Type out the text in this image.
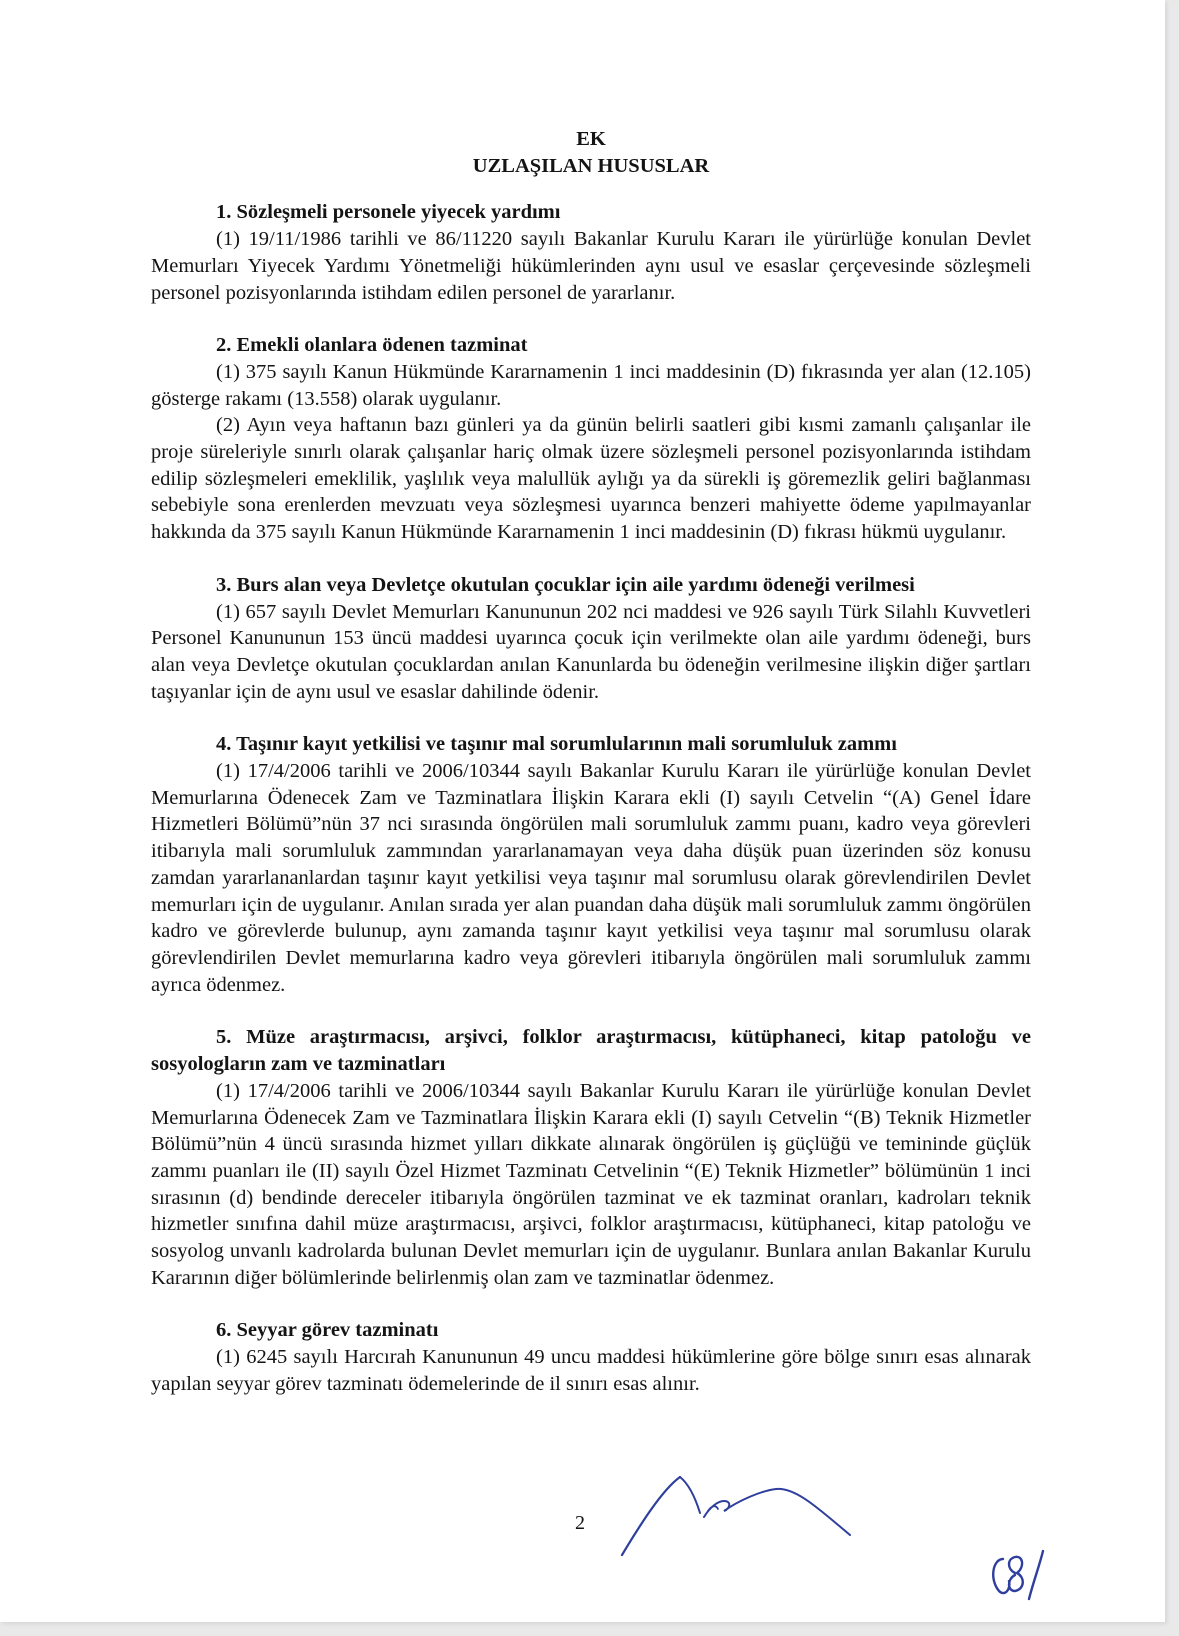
EK

UZLAŞILAN HUSUSLAR

1. Sözleşmeli personele yiyecek yardımı

(1) 19/11/1986 tarihli ve 86/11220 sayılı Bakanlar Kurulu Kararı ile yürürlüğe konulan Devlet Memurları Yiyecek Yardımı Yönetmeliği hükümlerinden aynı usul ve esaslar çerçevesinde sözleşmeli personel pozisyonlarında istihdam edilen personel de yararlanır.

2. Emekli olanlara ödenen tazminat

(1) 375 sayılı Kanun Hükmünde Kararnamenin 1 inci maddesinin (D) fıkrasında yer alan (12.105) gösterge rakamı (13.558) olarak uygulanır.

(2) Ayın veya haftanın bazı günleri ya da günün belirli saatleri gibi kısmi zamanlı çalışanlar ile proje süreleriyle sınırlı olarak çalışanlar hariç olmak üzere sözleşmeli personel pozisyonlarında istihdam edilip sözleşmeleri emeklilik, yaşlılık veya malullük aylığı ya da sürekli iş göremezlik geliri bağlanması sebebiyle sona erenlerden mevzuatı veya sözleşmesi uyarınca benzeri mahiyette ödeme yapılmayanlar hakkında da 375 sayılı Kanun Hükmünde Kararnamenin 1 inci maddesinin (D) fıkrası hükmü uygulanır.

3. Burs alan veya Devletçe okutulan çocuklar için aile yardımı ödeneği verilmesi

(1) 657 sayılı Devlet Memurları Kanununun 202 nci maddesi ve 926 sayılı Türk Silahlı Kuvvetleri Personel Kanununun 153 üncü maddesi uyarınca çocuk için verilmekte olan aile yardımı ödeneği, burs alan veya Devletçe okutulan çocuklardan anılan Kanunlarda bu ödeneğin verilmesine ilişkin diğer şartları taşıyanlar için de aynı usul ve esaslar dahilinde ödenir.

4. Taşınır kayıt yetkilisi ve taşınır mal sorumlularının mali sorumluluk zammı

(1) 17/4/2006 tarihli ve 2006/10344 sayılı Bakanlar Kurulu Kararı ile yürürlüğe konulan Devlet Memurlarına Ödenecek Zam ve Tazminatlara İlişkin Karara ekli (I) sayılı Cetvelin “(A) Genel İdare Hizmetleri Bölümü”nün 37 nci sırasında öngörülen mali sorumluluk zammı puanı, kadro veya görevleri itibarıyla mali sorumluluk zammından yararlanamayan veya daha düşük puan üzerinden söz konusu zamdan yararlananlardan taşınır kayıt yetkilisi veya taşınır mal sorumlusu olarak görevlendirilen Devlet memurları için de uygulanır. Anılan sırada yer alan puandan daha düşük mali sorumluluk zammı öngörülen kadro ve görevlerde bulunup, aynı zamanda taşınır kayıt yetkilisi veya taşınır mal sorumlusu olarak görevlendirilen Devlet memurlarına kadro veya görevleri itibarıyla öngörülen mali sorumluluk zammı ayrıca ödenmez.

5. Müze araştırmacısı, arşivci, folklor araştırmacısı, kütüphaneci, kitap patoloğu ve sosyologların zam ve tazminatları

(1) 17/4/2006 tarihli ve 2006/10344 sayılı Bakanlar Kurulu Kararı ile yürürlüğe konulan Devlet Memurlarına Ödenecek Zam ve Tazminatlara İlişkin Karara ekli (I) sayılı Cetvelin “(B) Teknik Hizmetler Bölümü”nün 4 üncü sırasında hizmet yılları dikkate alınarak öngörülen iş güçlüğü ve temininde güçlük zammı puanları ile (II) sayılı Özel Hizmet Tazminatı Cetvelinin “(E) Teknik Hizmetler” bölümünün 1 inci sırasının (d) bendinde dereceler itibarıyla öngörülen tazminat ve ek tazminat oranları, kadroları teknik hizmetler sınıfına dahil müze araştırmacısı, arşivci, folklor araştırmacısı, kütüphaneci, kitap patoloğu ve sosyolog unvanlı kadrolarda bulunan Devlet memurları için de uygulanır. Bunlara anılan Bakanlar Kurulu Kararının diğer bölümlerinde belirlenmiş olan zam ve tazminatlar ödenmez.

6. Seyyar görev tazminatı

(1) 6245 sayılı Harcırah Kanununun 49 uncu maddesi hükümlerine göre bölge sınırı esas alınarak yapılan seyyar görev tazminatı ödemelerinde de il sınırı esas alınır.

2
